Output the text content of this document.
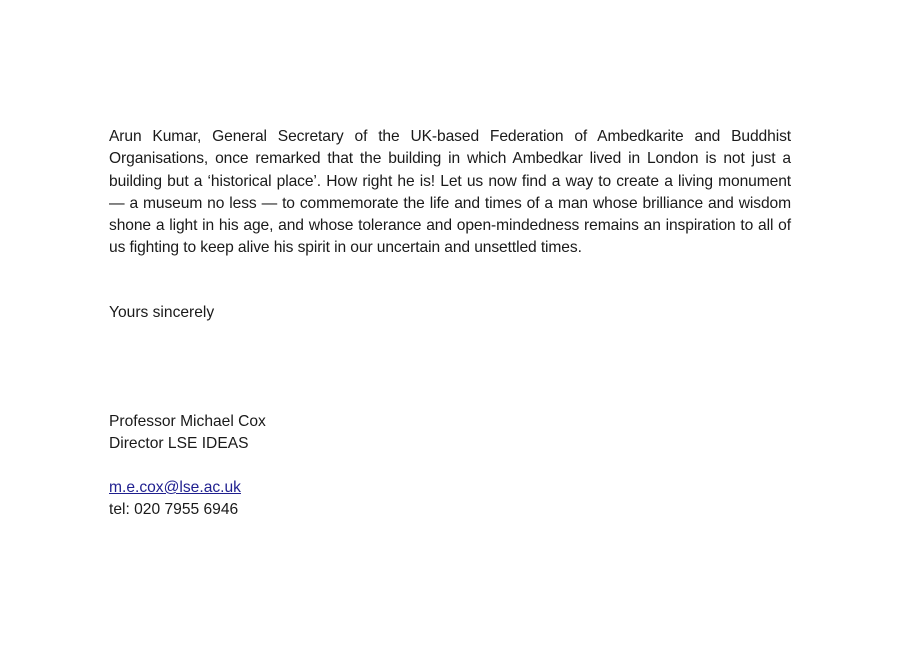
Arun Kumar, General Secretary of the UK-based Federation of Ambedkarite and Buddhist Organisations, once remarked that the building in which Ambedkar lived in London is not just a building but a ‘historical place’. How right he is! Let us now find a way to create a living monument — a museum no less — to commemorate the life and times of a man whose brilliance and wisdom shone a light in his age, and whose tolerance and open-mindedness remains an inspiration to all of us fighting to keep alive his spirit in our uncertain and unsettled times.

Yours sincerely
Professor Michael Cox
Director LSE IDEAS
m.e.cox@lse.ac.uk
tel: 020 7955 6946
